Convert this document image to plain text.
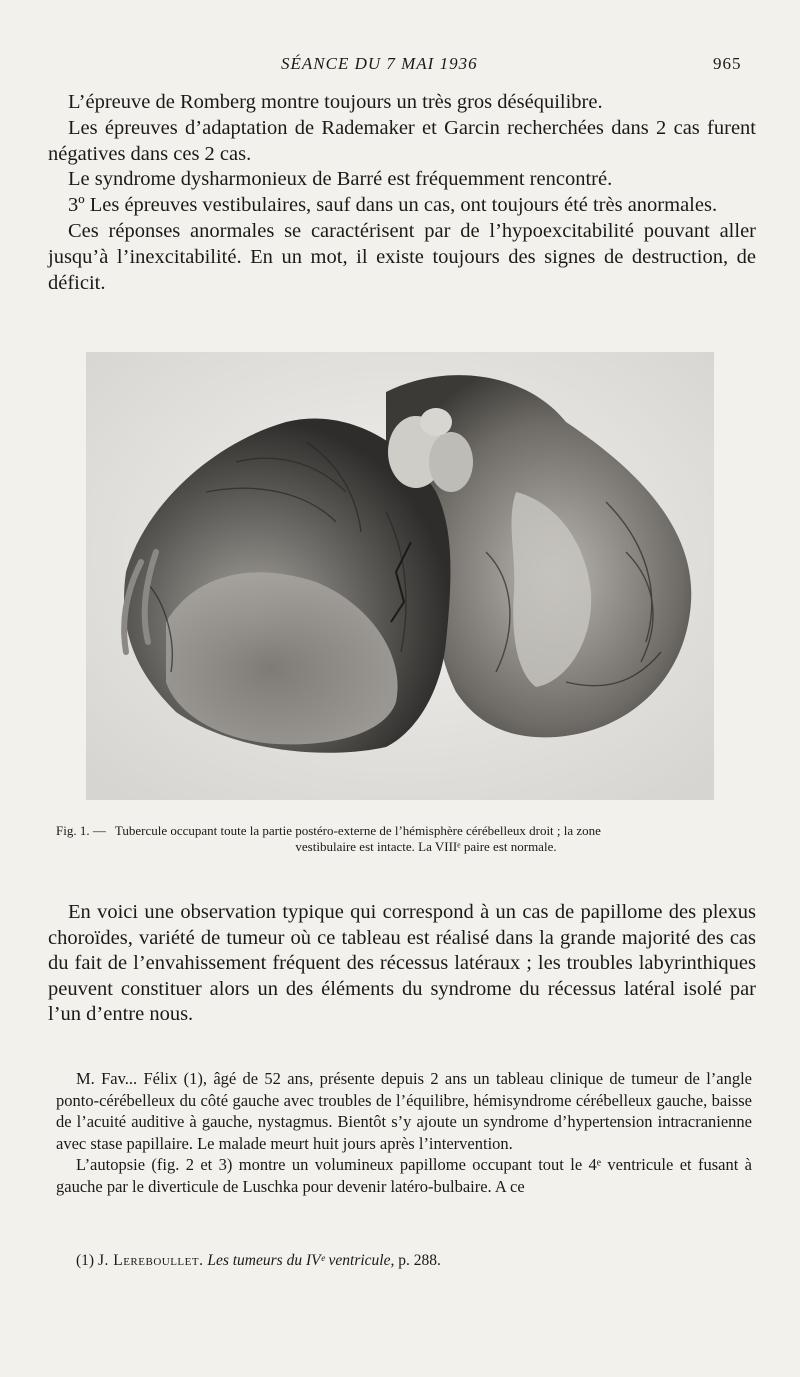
SÉANCE DU 7 MAI 1936	965

L’épreuve de Romberg montre toujours un très gros déséquilibre.

Les épreuves d’adaptation de Rademaker et Garcin recherchées dans 2 cas furent négatives dans ces 2 cas.

Le syndrome dysharmonieux de Barré est fréquemment rencontré.

3º Les épreuves vestibulaires, sauf dans un cas, ont toujours été très anormales.

Ces réponses anormales se caractérisent par de l’hypoexcitabilité pouvant aller jusqu’à l’inexcitabilité. En un mot, il existe toujours des signes de destruction, de déficit.

Fig. 1. — Tubercule occupant toute la partie postéro-externe de l’hémisphère cérébelleux droit ; la zone
vestibulaire est intacte. La VIIIᵉ paire est normale.

En voici une observation typique qui correspond à un cas de papillome des plexus choroïdes, variété de tumeur où ce tableau est réalisé dans la grande majorité des cas du fait de l’envahissement fréquent des récessus latéraux ; les troubles labyrinthiques peuvent constituer alors un des éléments du syndrome du récessus latéral isolé par l’un d’entre nous.

M. Fav... Félix (1), âgé de 52 ans, présente depuis 2 ans un tableau clinique de tumeur de l’angle ponto-cérébelleux du côté gauche avec troubles de l’équilibre, hémisyndrome cérébelleux gauche, baisse de l’acuité auditive à gauche, nystagmus. Bientôt s’y ajoute un syndrome d’hypertension intracranienne avec stase papillaire. Le malade meurt huit jours après l’intervention.

L’autopsie (fig. 2 et 3) montre un volumineux papillome occupant tout le 4ᵉ ventricule et fusant à gauche par le diverticule de Luschka pour devenir latéro-bulbaire. A ce

(1) J. Lereboullet. Les tumeurs du IVᵉ ventricule, p. 288.
